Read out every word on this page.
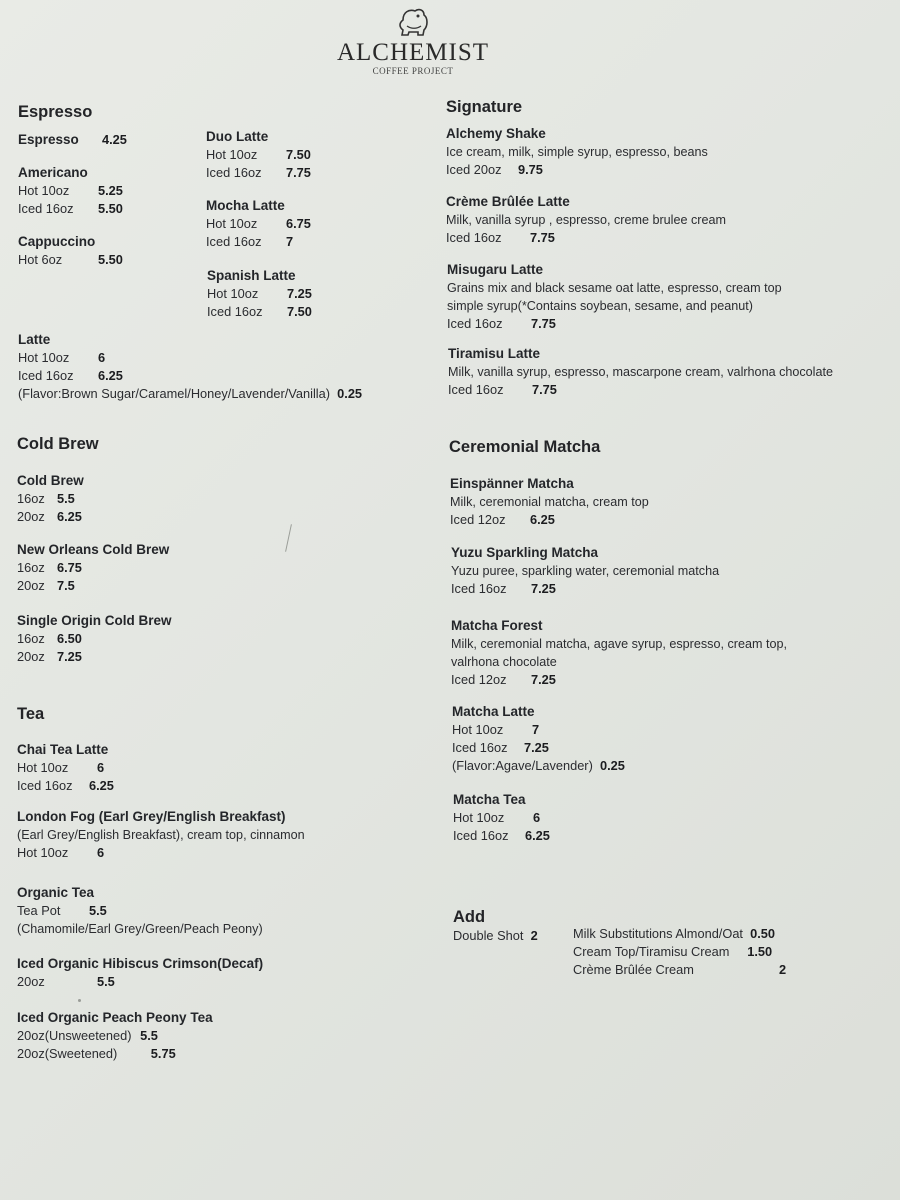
ALCHEMIST
COFFEE PROJECT
Espresso
Espresso 4.25
Americano
Hot 10oz 5.25
Iced 16oz 5.50
Cappuccino
Hot 6oz	5.50
Duo Latte
Hot 10oz 7.50
Iced 16oz 7.75
Mocha Latte
Hot 10oz 6.75
Iced 16oz 7
Spanish Latte
Hot 10oz 7.25
Iced 16oz 7.50
Latte
Hot 10oz 6
Iced 16oz 6.25
(Flavor:Brown Sugar/Caramel/Honey/Lavender/Vanilla) 0.25
Cold Brew
Cold Brew
16oz 5.5
20oz 6.25
New Orleans Cold Brew
16oz 6.75
20oz 7.5
Single Origin Cold Brew
16oz 6.50
20oz 7.25
Tea
Chai Tea Latte
Hot 10oz 6
Iced 16oz 6.25
London Fog (Earl Grey/English Breakfast)
(Earl Grey/English Breakfast), cream top, cinnamon
Hot 10oz 6
Organic Tea
Tea Pot 5.5
(Chamomile/Earl Grey/Green/Peach Peony)
Iced Organic Hibiscus Crimson(Decaf)
20oz	5.5
Iced Organic Peach Peony Tea
20oz(Unsweetened) 5.5
20oz(Sweetened)	5.75
Signature
Alchemy Shake
Ice cream, milk, simple syrup, espresso, beans
Iced 20oz 9.75
Crème Brûlée Latte
Milk, vanilla syrup , espresso, creme brulee cream
Iced 16oz 7.75
Misugaru Latte
Grains mix and black sesame oat latte, espresso, cream top
simple syrup(*Contains soybean, sesame, and peanut)
Iced 16oz 7.75
Tiramisu Latte
Milk, vanilla syrup, espresso, mascarpone cream, valrhona chocolate
Iced 16oz 7.75
Ceremonial Matcha
Einspänner Matcha
Milk, ceremonial matcha, cream top
Iced 12oz 6.25
Yuzu Sparkling Matcha
Yuzu puree, sparkling water, ceremonial matcha
Iced 16oz 7.25
Matcha Forest
Milk, ceremonial matcha, agave syrup, espresso, cream top,
valrhona chocolate
Iced 12oz 7.25
Matcha Latte
Hot 10oz 7
Iced 16oz 7.25
(Flavor:Agave/Lavender) 0.25
Matcha Tea
Hot 10oz 6
Iced 16oz 6.25
Add
Double Shot 2	Milk Substitutions Almond/Oat 0.50
Cream Top/Tiramisu Cream 1.50
Crème Brûlée Cream	2
